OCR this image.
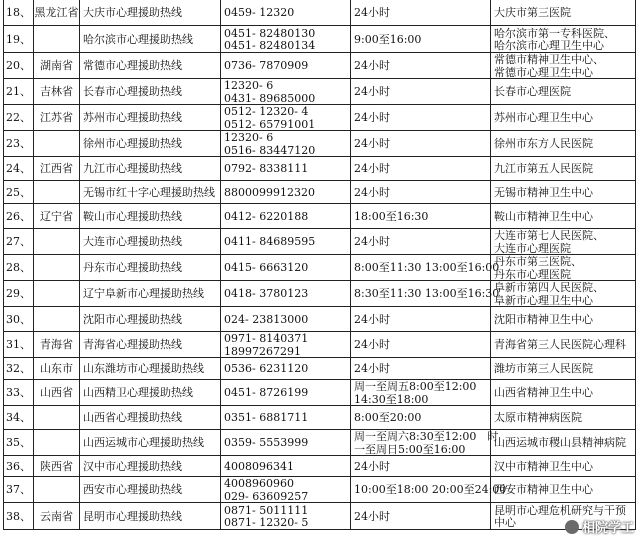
18、	黑龙江省	大庆市心理援助热线	0459- 12320	24小时	大庆市第三医院

19、		哈尔滨市心理援助热线	0451- 82480130
0451- 82480134	9:00至16:00	哈尔滨市第一专科医院、
哈尔滨市心理卫生中心

20、	湖南省	常德市心理援助热线	0736- 7870909	24小时	常德市精神卫生中心、
常德市心理卫生中心

21、	吉林省	长春市心理援助热线	12320- 6
0431- 89685000	24小时	长春市心理医院

22、	江苏省	苏州市心理援助热线	0512- 12320- 4
0512- 65791001	24小时	苏州市心理卫生中心

23、		徐州市心理援助热线	12320- 6
0516- 83447120	24小时	徐州市东方人民医院

24、	江西省	九江市心理援助热线	0792- 8338111	24小时	九江市第五人民医院

25、		无锡市红十字心理援助热线	8800099912320	24小时	无锡市精神卫生中心

26、	辽宁省	鞍山市心理援助热线	0412- 6220188	18:00至16:30	鞍山市精神卫生中心

27、		大连市心理援助热线	0411- 84689595	24小时	大连市第七人民医院、
大连市心理医院

28、		丹东市心理援助热线	0415- 6663120	8:00至11:30 13:00至16:00	丹东市第三医院、
丹东市心理医院

29、		辽宁阜新市心理援助热线	0418- 3780123	8:30至11:30 13:00至16:30	阜新市第四人民医院、
阜新市心理卫生中心

30、		沈阳市心理援助热线	024- 23813000	24小时	沈阳市精神卫生中心

31、	青海省	青海省心理援助热线	0971- 8140371
18997267291	24小时	青海省第三人民医院心理科

32、	山东市	山东潍坊市心理援助热线	0536- 6231120	24小时	潍坊市第三人民医院

33、	山西省	山西精卫心理援助热线	0451- 8726199	周一至周五8:00至12:00
14:30至18:00	山西省精神卫生中心

34、		山西省心理援助热线	0351- 6881711	8:00至20:00	太原市精神病医院

35、		山西运城市心理援助热线	0359- 5553999	周一至周六8:30至12:00　时
一至周日5:00至16:00	山西运城市稷山县精神病院

36、	陕西省	汉中市心理援助热线	4008096341	24小时	汉中市精神卫生中心

37、		西安市心理援助热线	4008960960
029- 63609257	10:00至18:00 20:00至24:00	西安市精神卫生中心

38、	云南省	昆明市心理援助热线	0871- 5011111
0871- 12320- 5	24小时	昆明市心理危机研究与干预
中心	相院学工
